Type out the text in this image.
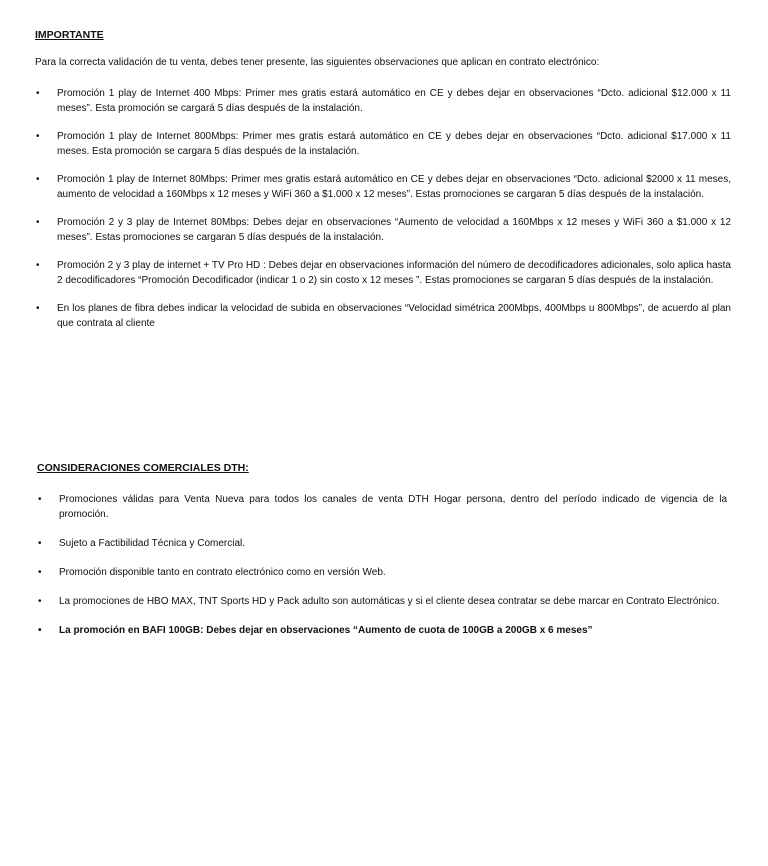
IMPORTANTE
Para la correcta validación de tu venta, debes tener presente, las siguientes observaciones que aplican en contrato electrónico:
• Promoción 1 play de Internet 400 Mbps: Primer mes gratis estará automático en CE y debes dejar en observaciones “Dcto. adicional $12.000 x 11 meses”. Esta promoción se cargará 5 días después de la instalación.
• Promoción 1 play de Internet 800Mbps: Primer mes gratis estará automático en CE y debes dejar en observaciones “Dcto. adicional $17.000 x 11 meses. Esta promoción se cargara 5 días después de la instalación.
• Promoción 1 play de Internet 80Mbps: Primer mes gratis estará automático en CE y debes dejar en observaciones “Dcto. adicional $2000 x 11 meses, aumento de velocidad a 160Mbps x 12 meses y WiFi 360 a $1.000 x 12 meses”. Estas promociones se cargaran 5 días después de la instalación.
• Promoción 2 y 3 play de Internet 80Mbps: Debes dejar en observaciones “Aumento de velocidad a 160Mbps x 12 meses y WiFi 360 a $1.000 x 12 meses”. Estas promociones se cargaran 5 días después de la instalación.
• Promoción 2 y 3 play de internet + TV Pro HD : Debes dejar en observaciones información del número de decodificadores adicionales, solo aplica hasta 2 decodificadores “Promoción Decodificador (indicar 1 o 2) sin costo x 12 meses ”. Estas promociones se cargaran 5 días después de la instalación.
• En los planes de fibra debes indicar la velocidad de subida en observaciones “Velocidad simétrica 200Mbps, 400Mbps u 800Mbps”, de acuerdo al plan que contrata al cliente
CONSIDERACIONES COMERCIALES DTH:
• Promociones válidas para Venta Nueva para todos los canales de venta DTH Hogar persona, dentro del período indicado de vigencia de la promoción.
• Sujeto a Factibilidad Técnica y Comercial.
• Promoción disponible tanto en contrato electrónico como en versión Web.
• La promociones de HBO MAX, TNT Sports HD y Pack adulto son automáticas y si el cliente desea contratar se debe marcar en Contrato Electrónico.
• La promoción en BAFI 100GB: Debes dejar en observaciones “Aumento de cuota de 100GB a 200GB x 6 meses”
